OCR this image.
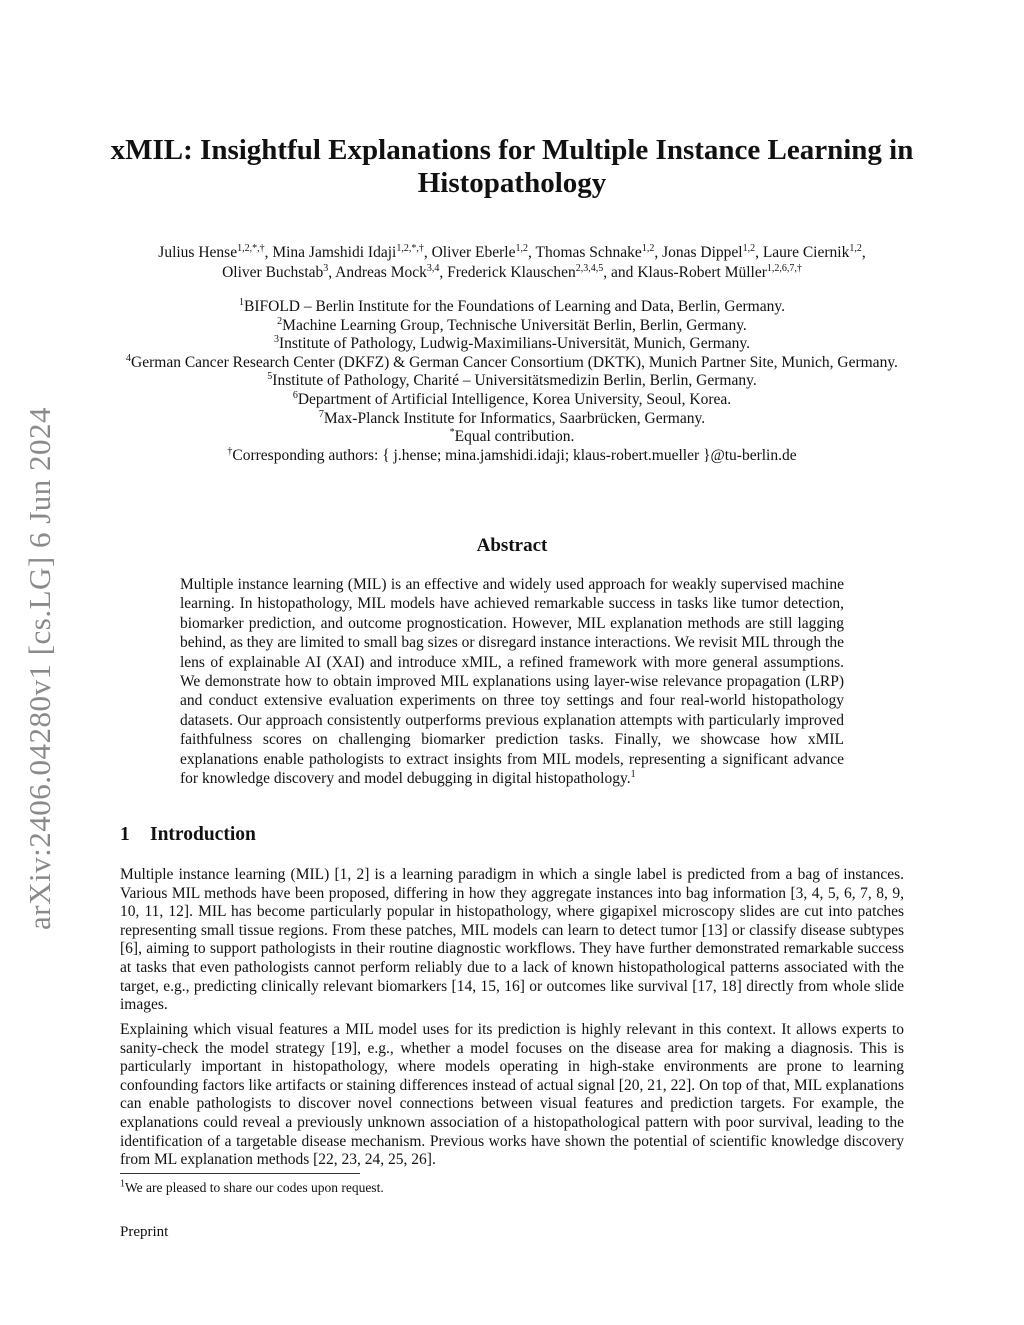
arXiv:2406.04280v1 [cs.LG] 6 Jun 2024
xMIL: Insightful Explanations for Multiple Instance Learning in
Histopathology
Julius Hense$^{1,2,*,\dagger}$, Mina Jamshidi Idaji$^{1,2,*,\dagger}$, Oliver Eberle$^{1,2}$, Thomas Schnake$^{1,2}$, Jonas Dippel$^{1,2}$, Laure Ciernik$^{1,2}$,
Oliver Buchstab$^3$, Andreas Mock$^{3,4}$, Frederick Klauschen$^{2,3,4,5}$, and Klaus-Robert Müller$^{1,2,6,7,\dagger}$
$^1$BIFOLD – Berlin Institute for the Foundations of Learning and Data, Berlin, Germany.
$^2$Machine Learning Group, Technische Universität Berlin, Berlin, Germany.
$^3$Institute of Pathology, Ludwig-Maximilians-Universität, Munich, Germany.
$^4$German Cancer Research Center (DKFZ) & German Cancer Consortium (DKTK), Munich Partner Site, Munich, Germany.
$^5$Institute of Pathology, Charité – Universitätsmedizin Berlin, Berlin, Germany.
$^6$Department of Artificial Intelligence, Korea University, Seoul, Korea.
$^7$Max-Planck Institute for Informatics, Saarbrücken, Germany.
*Equal contribution.
†Corresponding authors: { j.hense; mina.jamshidi.idaji; klaus-robert.mueller }@tu-berlin.de
Abstract
Multiple instance learning (MIL) is an effective and widely used approach for weakly supervised machine learning. In histopathology, MIL models have achieved remarkable success in tasks like tumor detection, biomarker prediction, and outcome prognostication. However, MIL explanation methods are still lagging behind, as they are limited to small bag sizes or disregard instance interactions. We revisit MIL through the lens of explainable AI (XAI) and introduce xMIL, a refined framework with more general assumptions. We demonstrate how to obtain improved MIL explanations using layer-wise relevance propagation (LRP) and conduct extensive evaluation experiments on three toy settings and four real-world histopathology datasets. Our approach consistently outperforms previous explanation attempts with particularly improved faithfulness scores on challenging biomarker prediction tasks. Finally, we showcase how xMIL explanations enable pathologists to extract insights from MIL models, representing a significant advance for knowledge discovery and model debugging in digital histopathology.$^1$
1 Introduction

Multiple instance learning (MIL) [1, 2] is a learning paradigm in which a single label is predicted from a bag of instances. Various MIL methods have been proposed, differing in how they aggregate instances into bag information [3, 4, 5, 6, 7, 8, 9, 10, 11, 12]. MIL has become particularly popular in histopathology, where gigapixel microscopy slides are cut into patches representing small tissue regions. From these patches, MIL models can learn to detect tumor [13] or classify disease subtypes [6], aiming to support pathologists in their routine diagnostic workflows. They have further demonstrated remarkable success at tasks that even pathologists cannot perform reliably due to a lack of known histopathological patterns associated with the target, e.g., predicting clinically relevant biomarkers [14, 15, 16] or outcomes like survival [17, 18] directly from whole slide images.

Explaining which visual features a MIL model uses for its prediction is highly relevant in this context. It allows experts to sanity-check the model strategy [19], e.g., whether a model focuses on the disease area for making a diagnosis. This is particularly important in histopathology, where models operating in high-stake environments are prone to learning confounding factors like artifacts or staining differences instead of actual signal [20, 21, 22]. On top of that, MIL explanations can enable pathologists to discover novel connections between visual features and prediction targets. For example, the explanations could reveal a previously unknown association of a histopathological pattern with poor survival, leading to the identification of a targetable disease mechanism. Previous works have shown the potential of scientific knowledge discovery from ML explanation methods [22, 23, 24, 25, 26].

$^1$We are pleased to share our codes upon request.
Preprint
